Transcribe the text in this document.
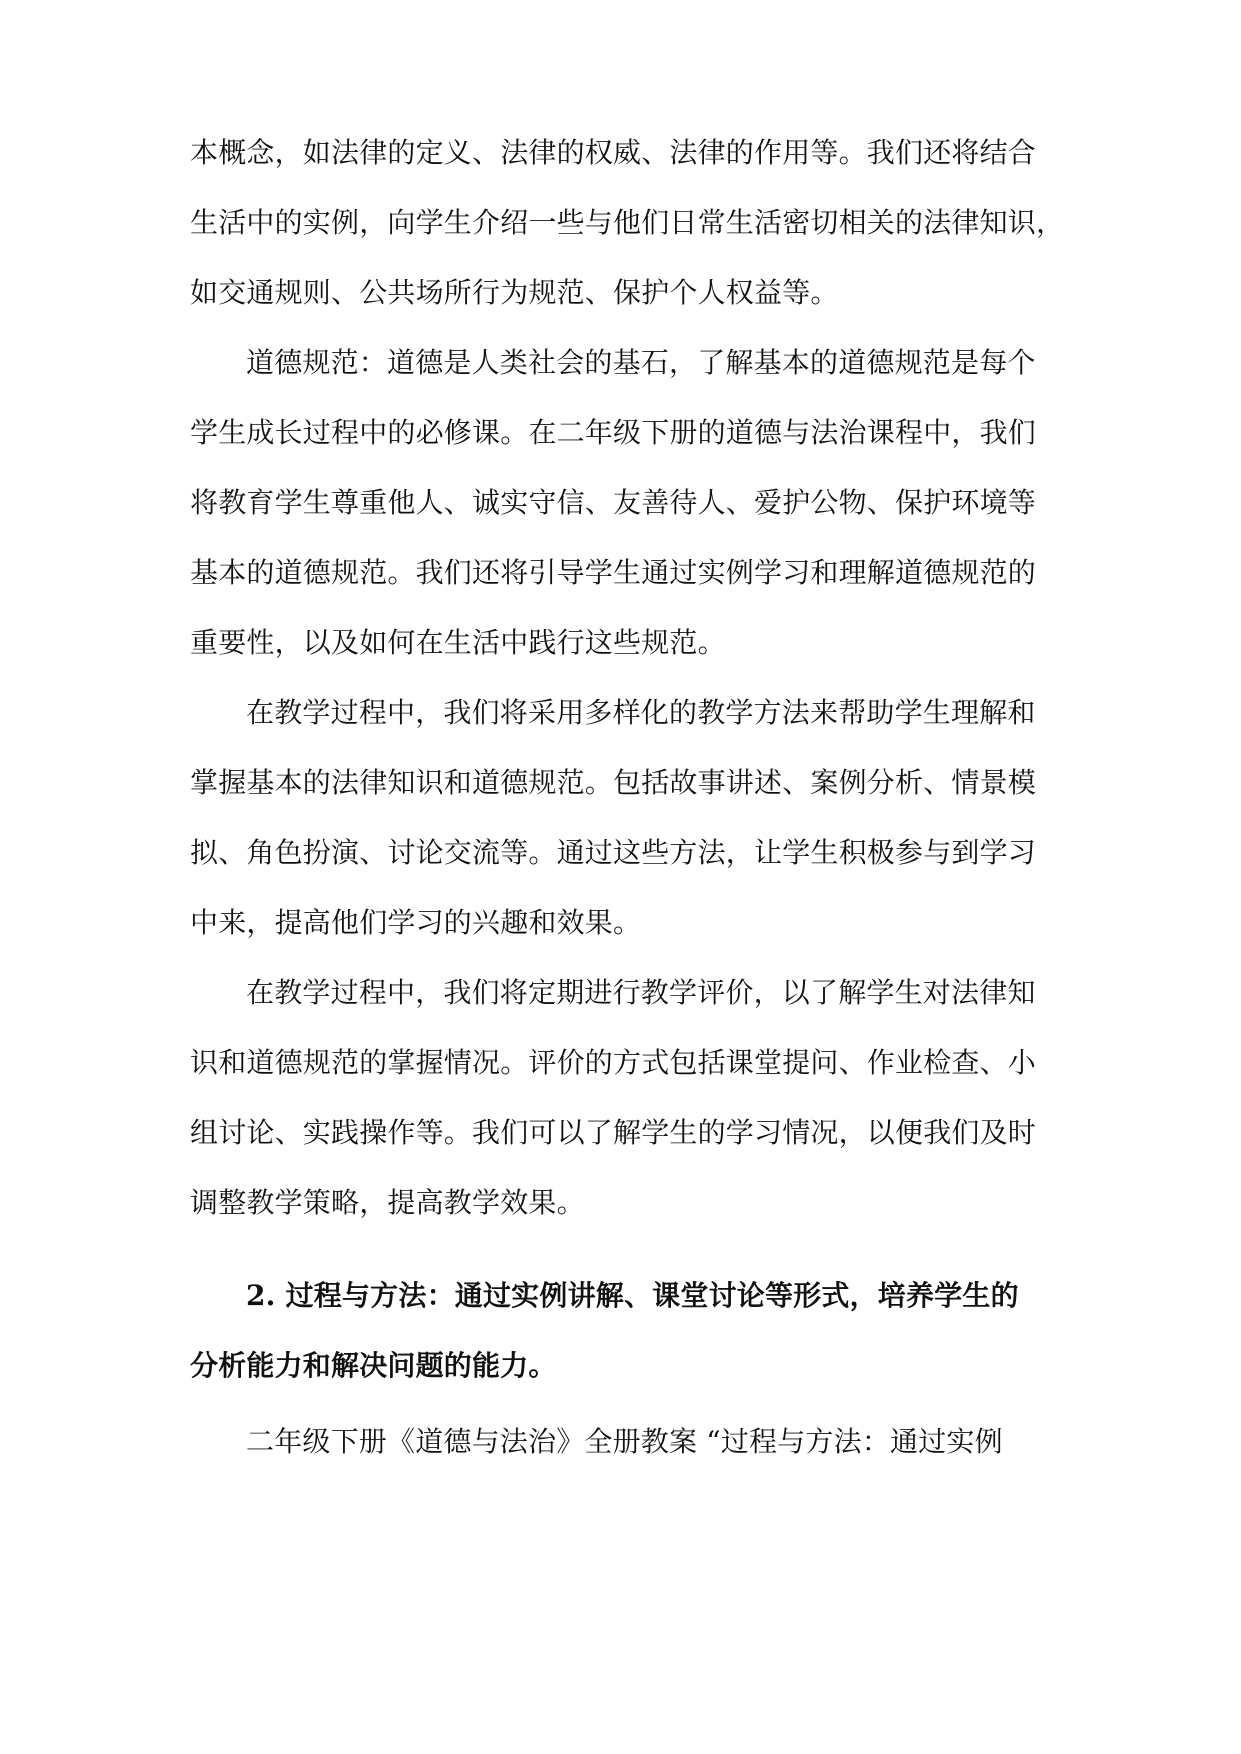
本概念，如法律的定义、法律的权威、法律的作用等。我们还将结合
生活中的实例，向学生介绍一些与他们日常生活密切相关的法律知识，
如交通规则、公共场所行为规范、保护个人权益等。
道德规范：道德是人类社会的基石，了解基本的道德规范是每个
学生成长过程中的必修课。在二年级下册的道德与法治课程中，我们
将教育学生尊重他人、诚实守信、友善待人、爱护公物、保护环境等
基本的道德规范。我们还将引导学生通过实例学习和理解道德规范的
重要性，以及如何在生活中践行这些规范。
在教学过程中，我们将采用多样化的教学方法来帮助学生理解和
掌握基本的法律知识和道德规范。包括故事讲述、案例分析、情景模
拟、角色扮演、讨论交流等。通过这些方法，让学生积极参与到学习
中来，提高他们学习的兴趣和效果。
在教学过程中，我们将定期进行教学评价，以了解学生对法律知
识和道德规范的掌握情况。评价的方式包括课堂提问、作业检查、小
组讨论、实践操作等。我们可以了解学生的学习情况，以便我们及时
调整教学策略，提高教学效果。
2. 过程与方法：通过实例讲解、课堂讨论等形式，培养学生的
分析能力和解决问题的能力。
二年级下册《道德与法治》全册教案 “过程与方法：通过实例
